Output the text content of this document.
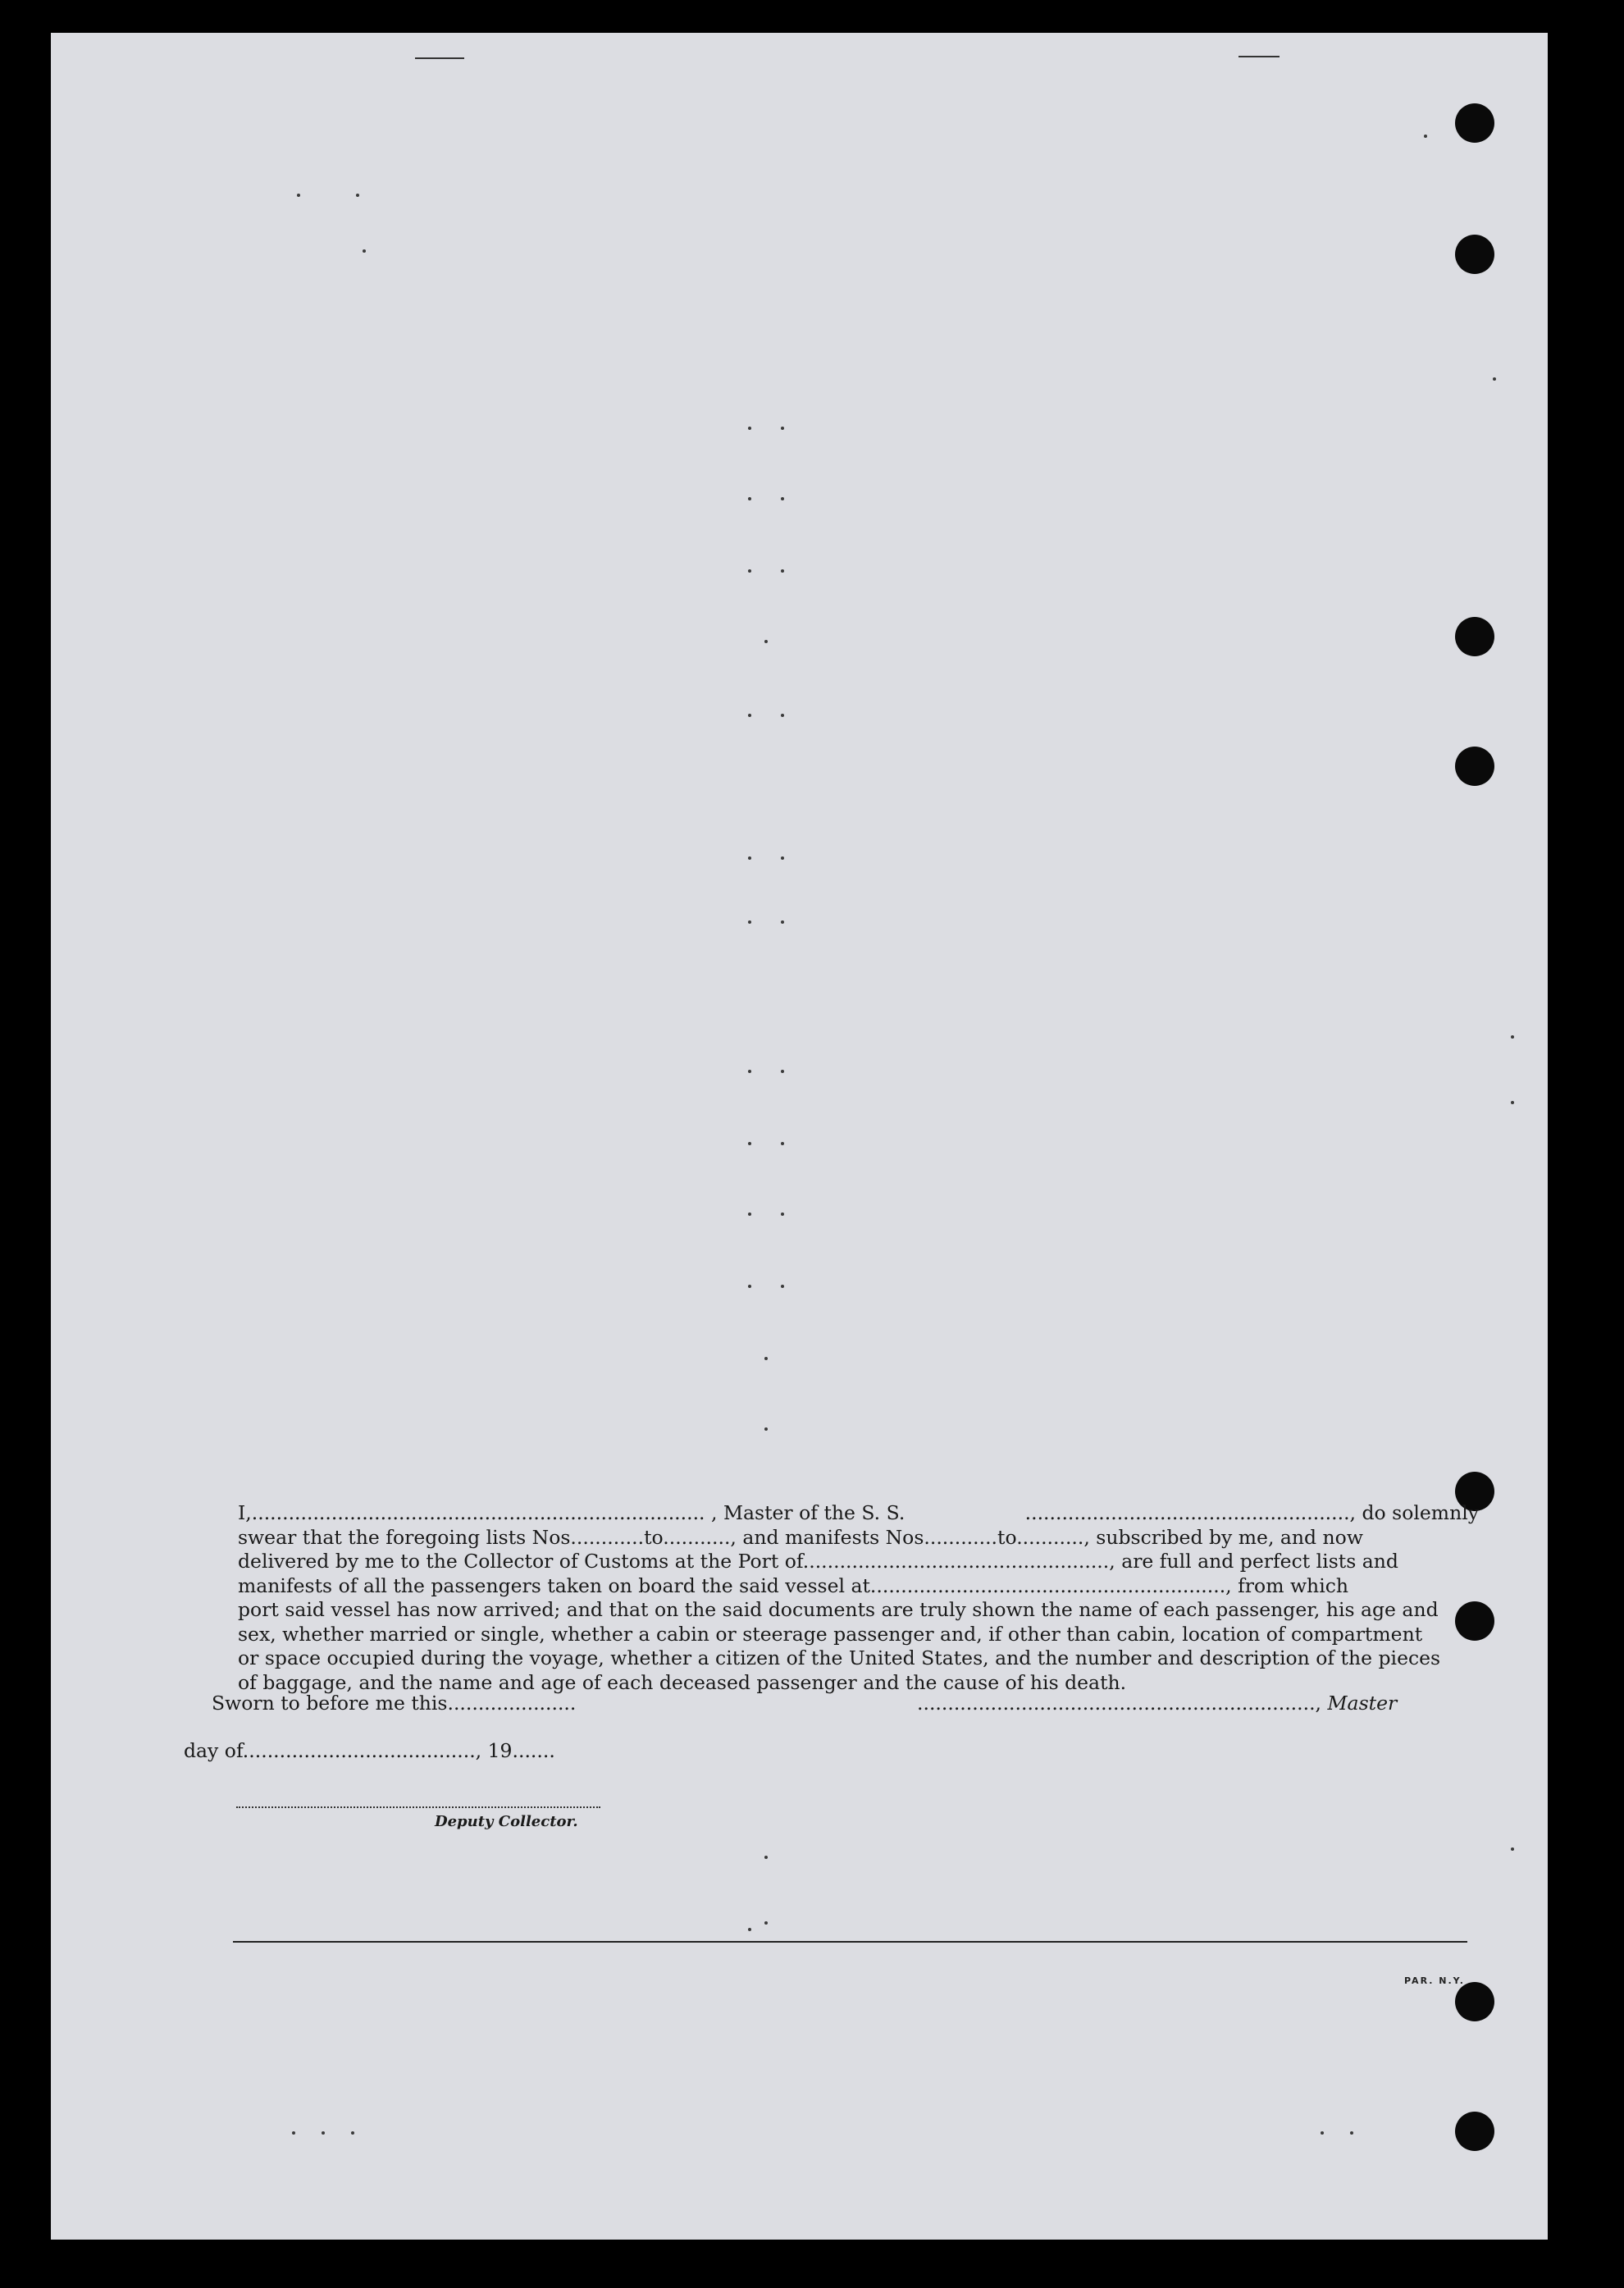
I,.......................................................................... , Master of the S. S.	....................................................., do solemnly
swear that the foregoing lists Nos............to..........., and manifests Nos............to..........., subscribed by me, and now
delivered by me to the Collector of Customs at the Port of.................................................., are full and perfect lists and
manifests of all the passengers taken on board the said vessel at.........................................................., from which
port said vessel has now arrived; and that on the said documents are truly shown the name of each passenger, his age and
sex, whether married or single, whether a cabin or steerage passenger and, if other than cabin, location of compartment
or space occupied during the voyage, whether a citizen of the United States, and the number and description of the pieces
of baggage, and the name and age of each deceased passenger and the cause of his death.
Sworn to before me this.....................	................................................................., Master
day of......................................, 19.......
Deputy Collector.
PAR. N.Y.
